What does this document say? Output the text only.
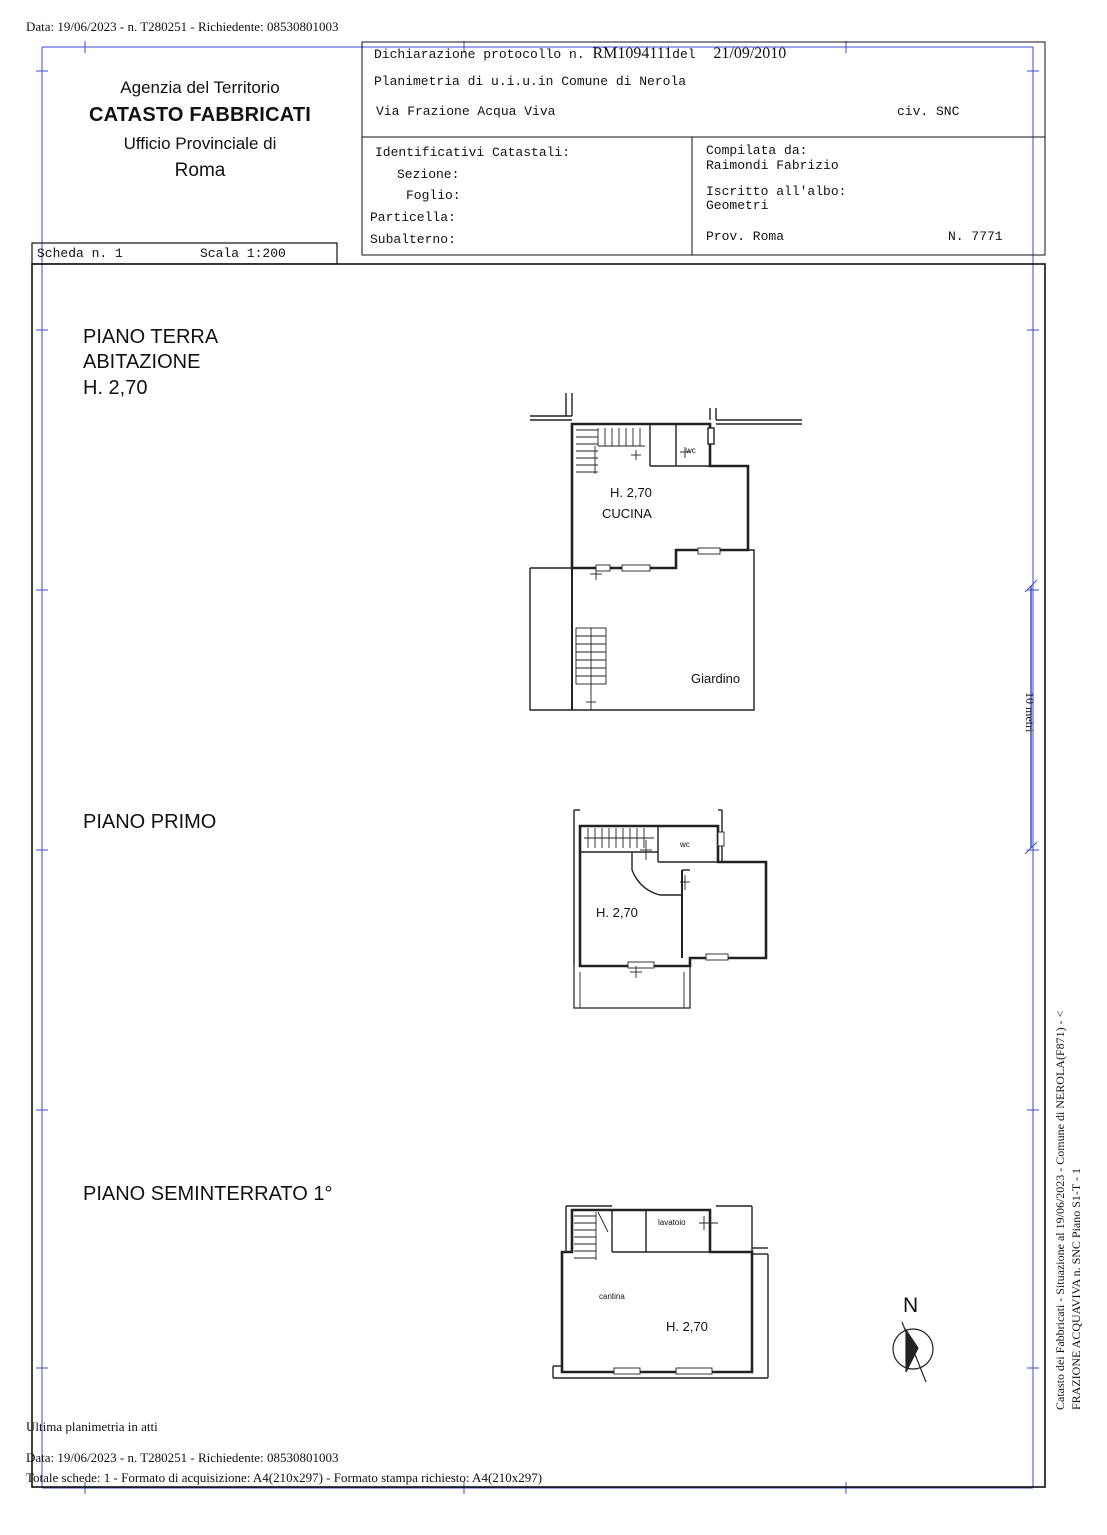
Data: 19/06/2023 - n. T280251 - Richiedente: 08530801003
Agenzia del Territorio
CATASTO FABBRICATI
Ufficio Provinciale di
Roma
Dichiarazione protocollo n. RM1094111del 21/09/2010
Planimetria di u.i.u.in Comune di Nerola
Via Frazione Acqua Viva	civ. SNC
Identificativi Catastali:
Sezione:
Foglio:
Particella:
Subalterno:
Compilata da:
Raimondi Fabrizio
Iscritto all'albo:
Geometri
Prov. Roma	N. 7771
Scheda n. 1	Scala 1:200
PIANO TERRA
ABITAZIONE
H. 2,70
wc
H. 2,70
CUCINA
Giardino
PIANO PRIMO
wc
H. 2,70
PIANO SEMINTERRATO 1°
lavatoio
cantina
H. 2,70
N
10 metri
Catasto dei Fabbricati - Situazione al 19/06/2023 - Comune di NEROLA(F871) - < FRAZIONE ACQUAVIVA n. SNC Piano S1-T - 1
Ultima planimetria in atti
Data: 19/06/2023 - n. T280251 - Richiedente: 08530801003
Totale schede: 1 - Formato di acquisizione: A4(210x297) - Formato stampa richiesto: A4(210x297)
